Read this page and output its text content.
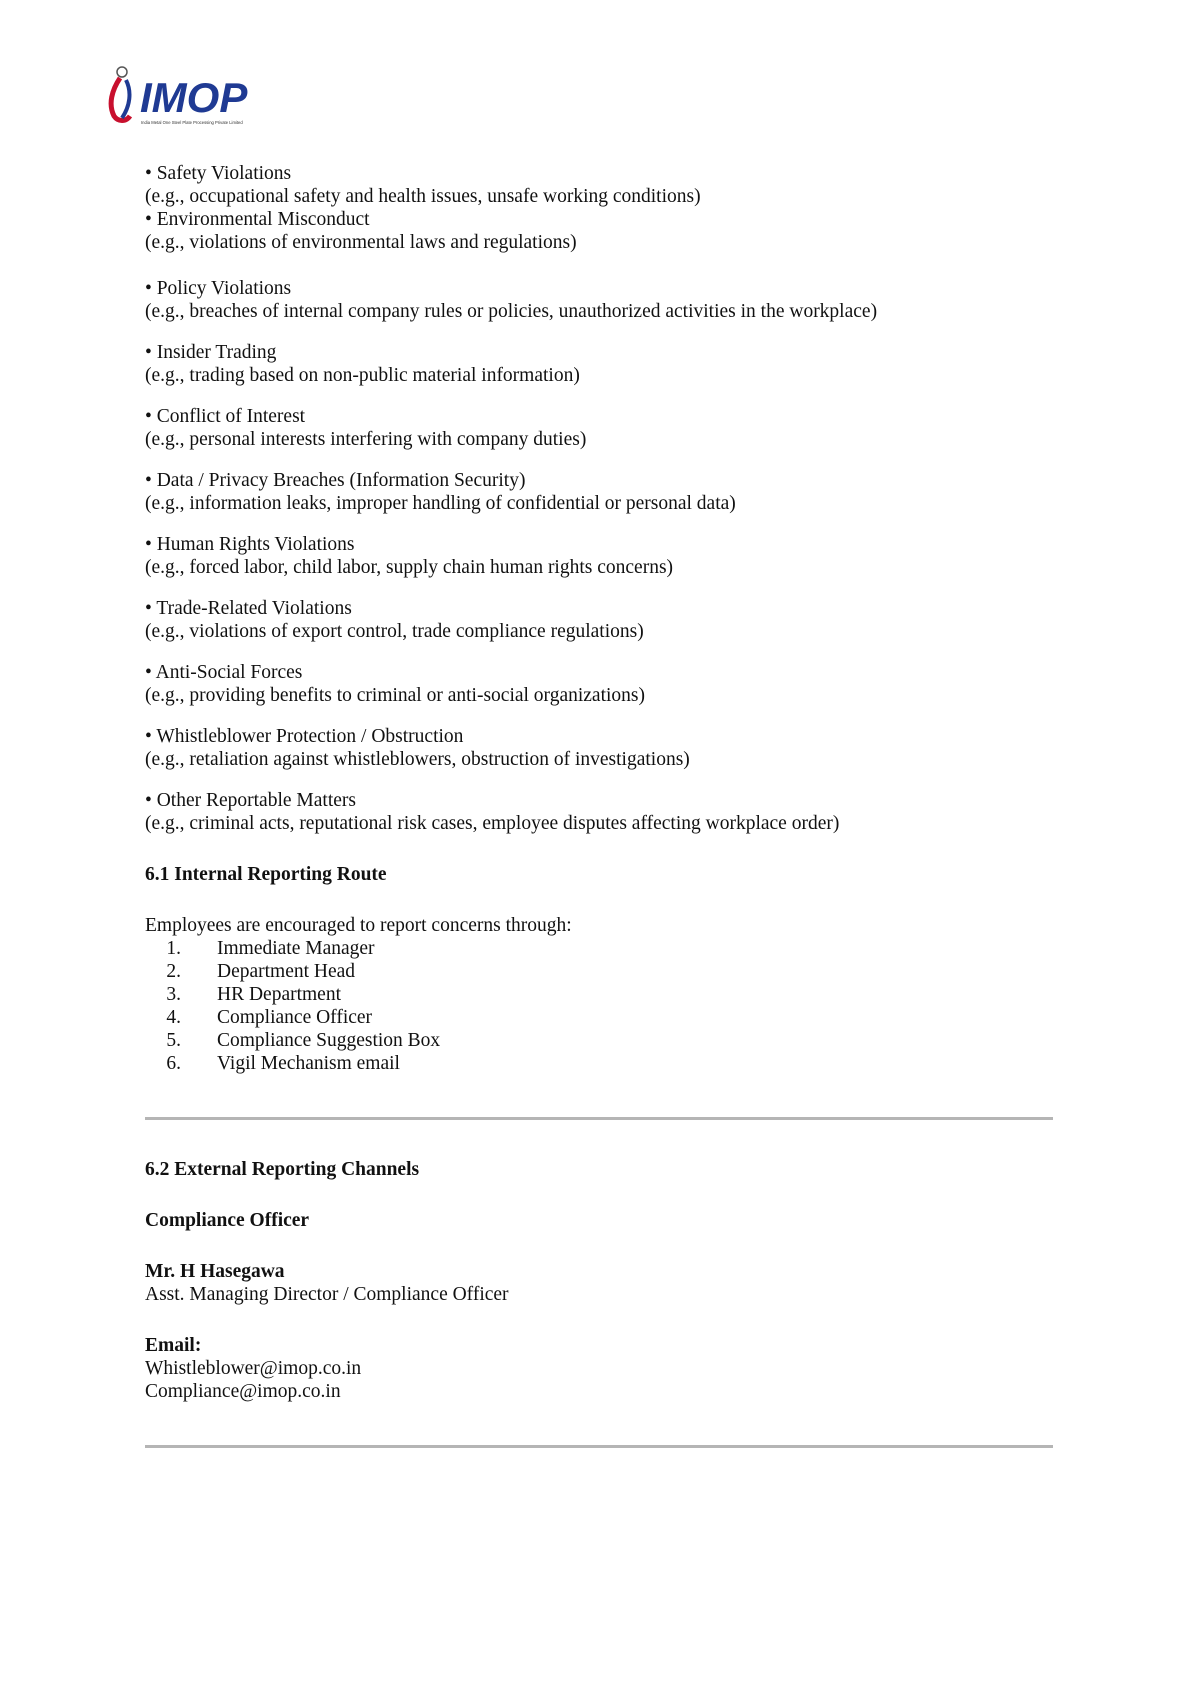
IMOP
India Metal One Steel Plate Processing Private Limited

• Safety Violations
(e.g., occupational safety and health issues, unsafe working conditions)

• Environmental Misconduct
(e.g., violations of environmental laws and regulations)

• Policy Violations
(e.g., breaches of internal company rules or policies, unauthorized activities in the workplace)

• Insider Trading
(e.g., trading based on non-public material information)

• Conflict of Interest
(e.g., personal interests interfering with company duties)

• Data / Privacy Breaches (Information Security)
(e.g., information leaks, improper handling of confidential or personal data)

• Human Rights Violations
(e.g., forced labor, child labor, supply chain human rights concerns)

• Trade-Related Violations
(e.g., violations of export control, trade compliance regulations)

• Anti-Social Forces
(e.g., providing benefits to criminal or anti-social organizations)

• Whistleblower Protection / Obstruction
(e.g., retaliation against whistleblowers, obstruction of investigations)

• Other Reportable Matters
(e.g., criminal acts, reputational risk cases, employee disputes affecting workplace order)

6.1 Internal Reporting Route
Employees are encouraged to report concerns through:
1.	Immediate Manager
2.	Department Head
3.	HR Department
4.	Compliance Officer
5.	Compliance Suggestion Box
6.	Vigil Mechanism email
6.2 External Reporting Channels
Compliance Officer
Mr. H Hasegawa
Asst. Managing Director / Compliance Officer
Email:
Whistleblower@imop.co.in
Compliance@imop.co.in
